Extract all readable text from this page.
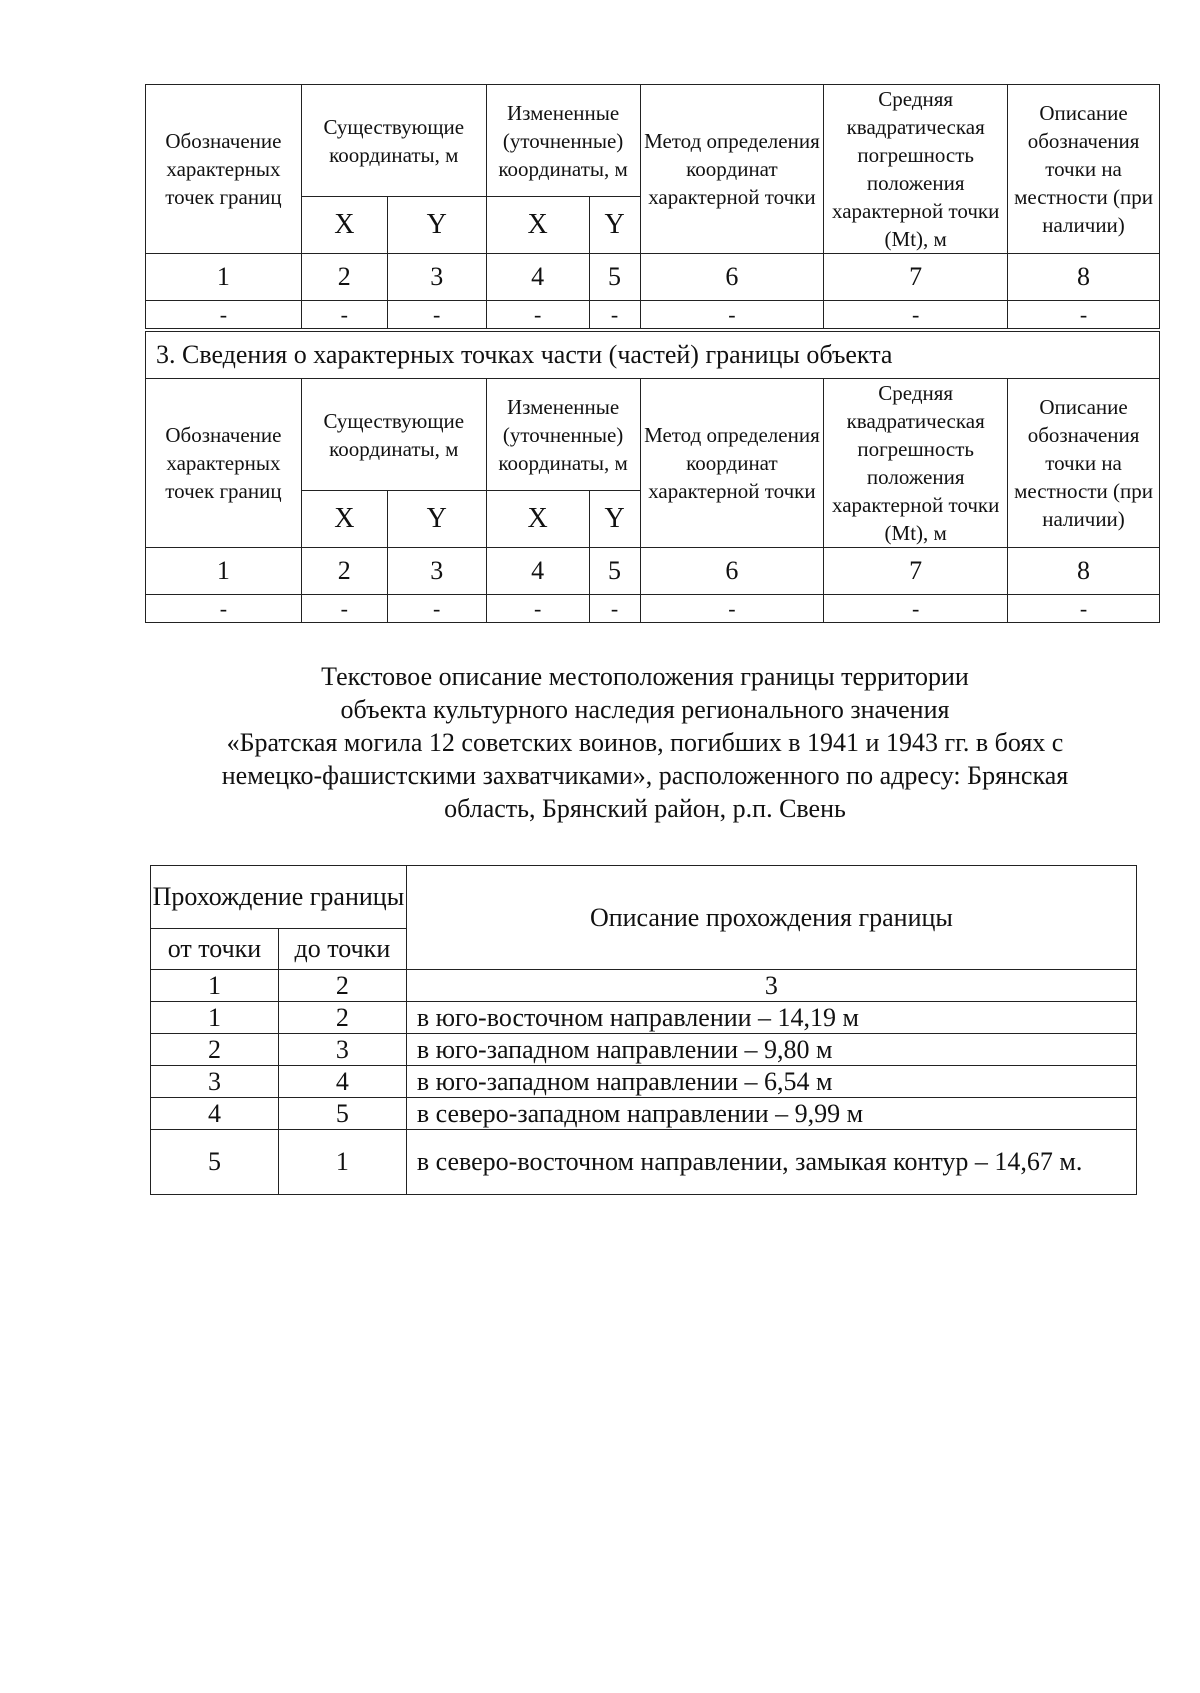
Обозначение характерных точек границ	Существующие координаты, м		Измененные (уточненные) координаты, м		Метод определения координат характерной точки	Средняя квадратическая погрешность положения характерной точки (Mt), м	Описание обозначения точки на местности (при наличии)
	X	Y	X	Y			
1	2	3	4	5	6	7	8
-	-	-	-	-	-	-	-
3. Сведения о характерных точках части (частей) границы объекта							
Обозначение характерных точек границ	Существующие координаты, м		Измененные (уточненные) координаты, м		Метод определения координат характерной точки	Средняя квадратическая погрешность положения характерной точки (Mt), м	Описание обозначения точки на местности (при наличии)
	X	Y	X	Y			
1	2	3	4	5	6	7	8
-	-	-	-	-	-	-	-
Текстовое описание местоположения границы территории
объекта культурного наследия регионального значения
«Братская могила 12 советских воинов, погибших в 1941 и 1943 гг. в боях с
немецко-фашистскими захватчиками», расположенного по адресу: Брянская
область, Брянский район, р.п. Свень
Прохождение границы		Описание прохождения границы
от точки	до точки	
1	2	3
1	2	в юго-восточном направлении – 14,19 м
2	3	в юго-западном направлении – 9,80 м
3	4	в юго-западном направлении – 6,54 м
4	5	в северо-западном направлении – 9,99 м
5	1	в северо-восточном направлении, замыкая контур – 14,67 м.
